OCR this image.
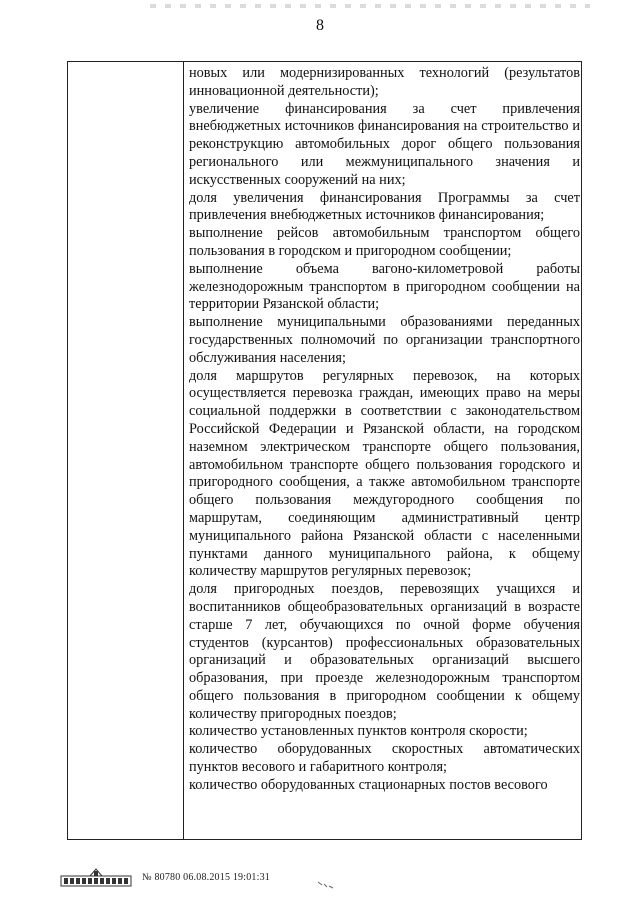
8

новых или модернизированных технологий (результатов инновационной деятельности);

увеличение финансирования за счет привлечения внебюджетных источников финансирования на строительство и реконструкцию автомобильных дорог общего пользования регионального или межмуниципального значения и искусственных сооружений на них;

доля увеличения финансирования Программы за счет привлечения внебюджетных источников финансирования;

выполнение рейсов автомобильным транспортом общего пользования в городском и пригородном сообщении;

выполнение объема вагоно-километровой работы железнодорожным транспортом в пригородном сообщении на территории Рязанской области;

выполнение муниципальными образованиями переданных государственных полномочий по организации транспортного обслуживания населения;

доля маршрутов регулярных перевозок, на которых осуществляется перевозка граждан, имеющих право на меры социальной поддержки в соответствии с законодательством Российской Федерации и Рязанской области, на городском наземном электрическом транспорте общего пользования, автомобильном транспорте общего пользования городского и пригородного сообщения, а также автомобильном транспорте общего пользования междугородного сообщения по маршрутам, соединяющим административный центр муниципального района Рязанской области с населенными пунктами данного муниципального района, к общему количеству маршрутов регулярных перевозок;

доля пригородных поездов, перевозящих учащихся и воспитанников общеобразовательных организаций в возрасте старше 7 лет, обучающихся по очной форме обучения студентов (курсантов) профессиональных образовательных организаций и образовательных организаций высшего образования, при проезде железнодорожным транспортом общего пользования в пригородном сообщении к общему количеству пригородных поездов;

количество установленных пунктов контроля скорости;

количество оборудованных скоростных автоматических пунктов весового и габаритного контроля;

количество оборудованных стационарных постов весового

№ 80780 06.08.2015 19:01:31
